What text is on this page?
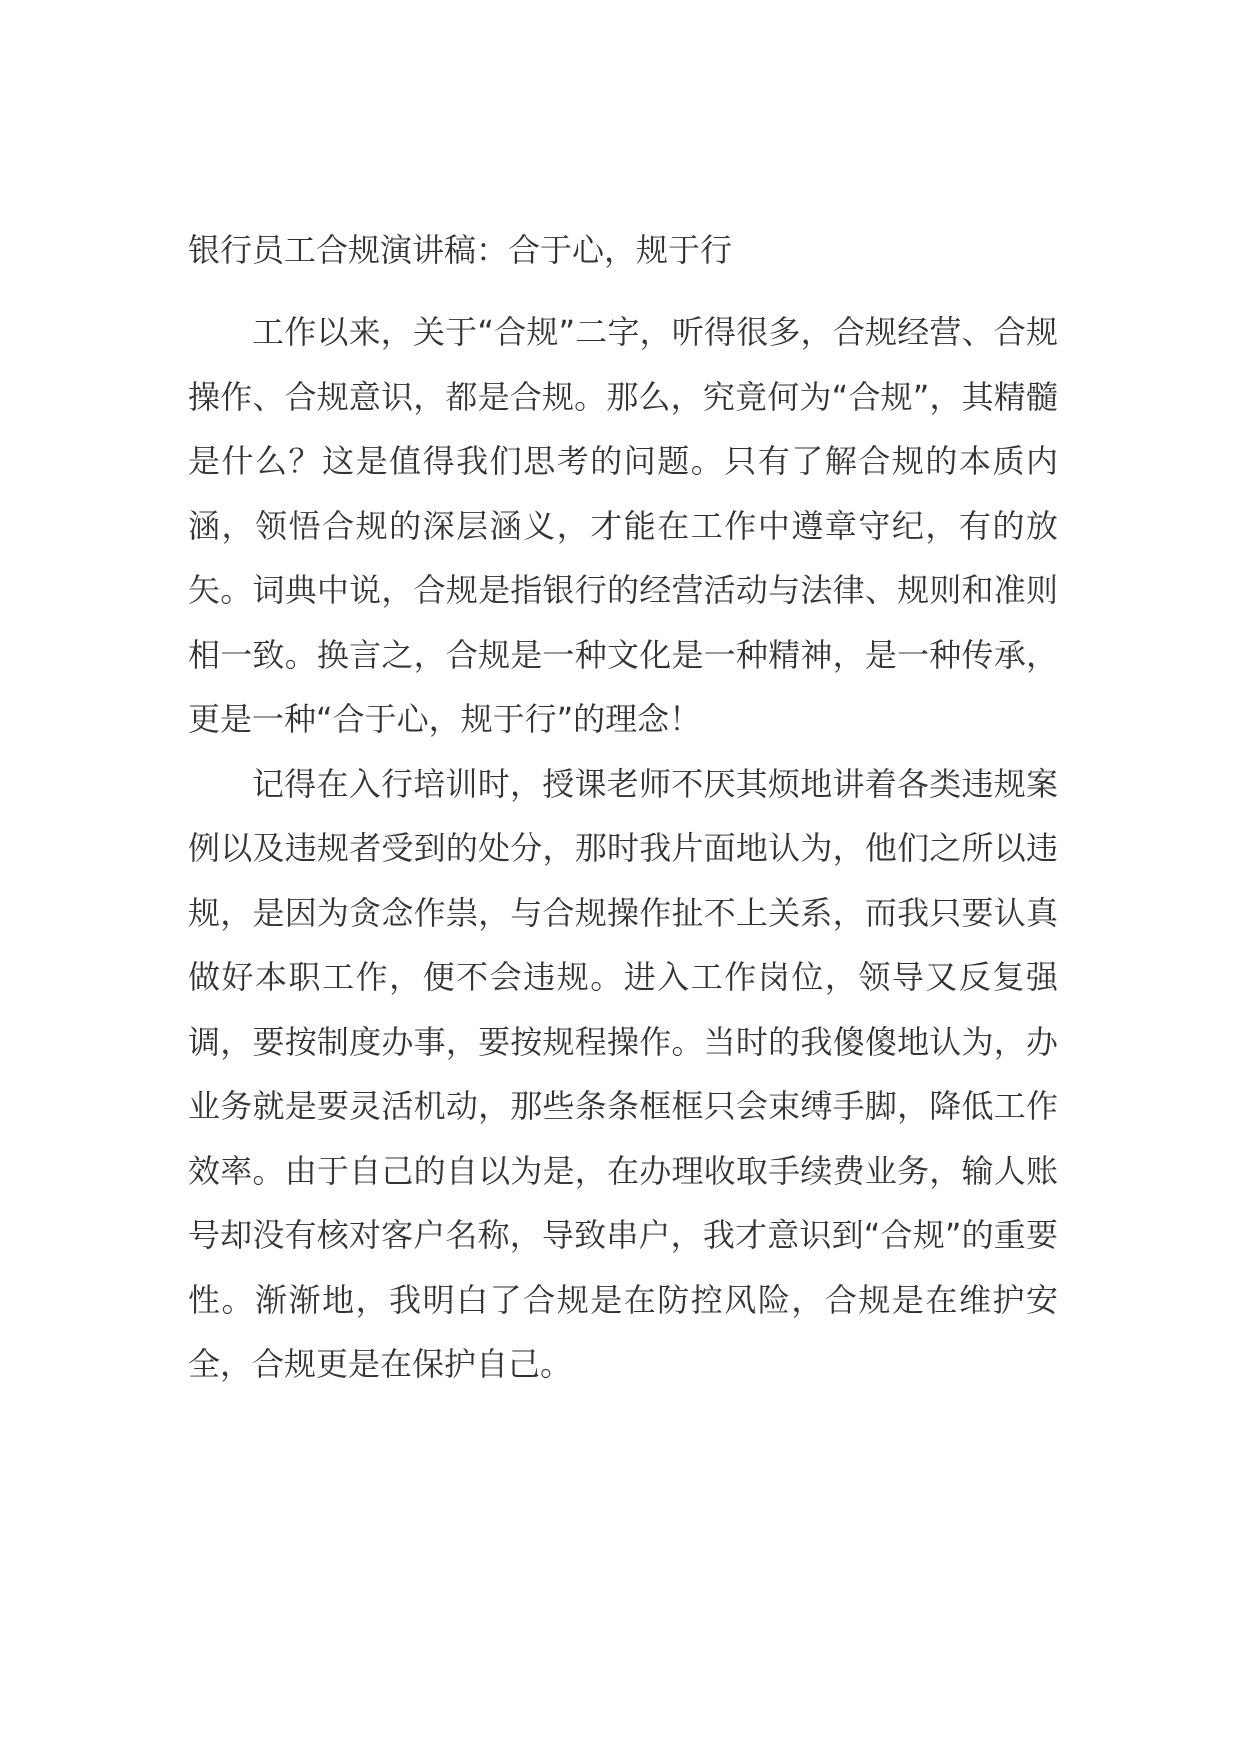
银行员工合规演讲稿：合于心，规于行

工作以来，关于“合规”二字，听得很多，合规经营、合规操作、合规意识，都是合规。那么，究竟何为“合规”，其精髓是什么？这是值得我们思考的问题。只有了解合规的本质内涵，领悟合规的深层涵义，才能在工作中遵章守纪，有的放矢。词典中说，合规是指银行的经营活动与法律、规则和准则相一致。换言之，合规是一种文化是一种精神，是一种传承，更是一种“合于心，规于行”的理念！

记得在入行培训时，授课老师不厌其烦地讲着各类违规案例以及违规者受到的处分，那时我片面地认为，他们之所以违规，是因为贪念作祟，与合规操作扯不上关系，而我只要认真做好本职工作，便不会违规。进入工作岗位，领导又反复强调，要按制度办事，要按规程操作。当时的我傻傻地认为，办业务就是要灵活机动，那些条条框框只会束缚手脚，降低工作效率。由于自己的自以为是，在办理收取手续费业务，输人账号却没有核对客户名称，导致串户，我才意识到“合规”的重要性。渐渐地，我明白了合规是在防控风险，合规是在维护安全，合规更是在保护自己。
